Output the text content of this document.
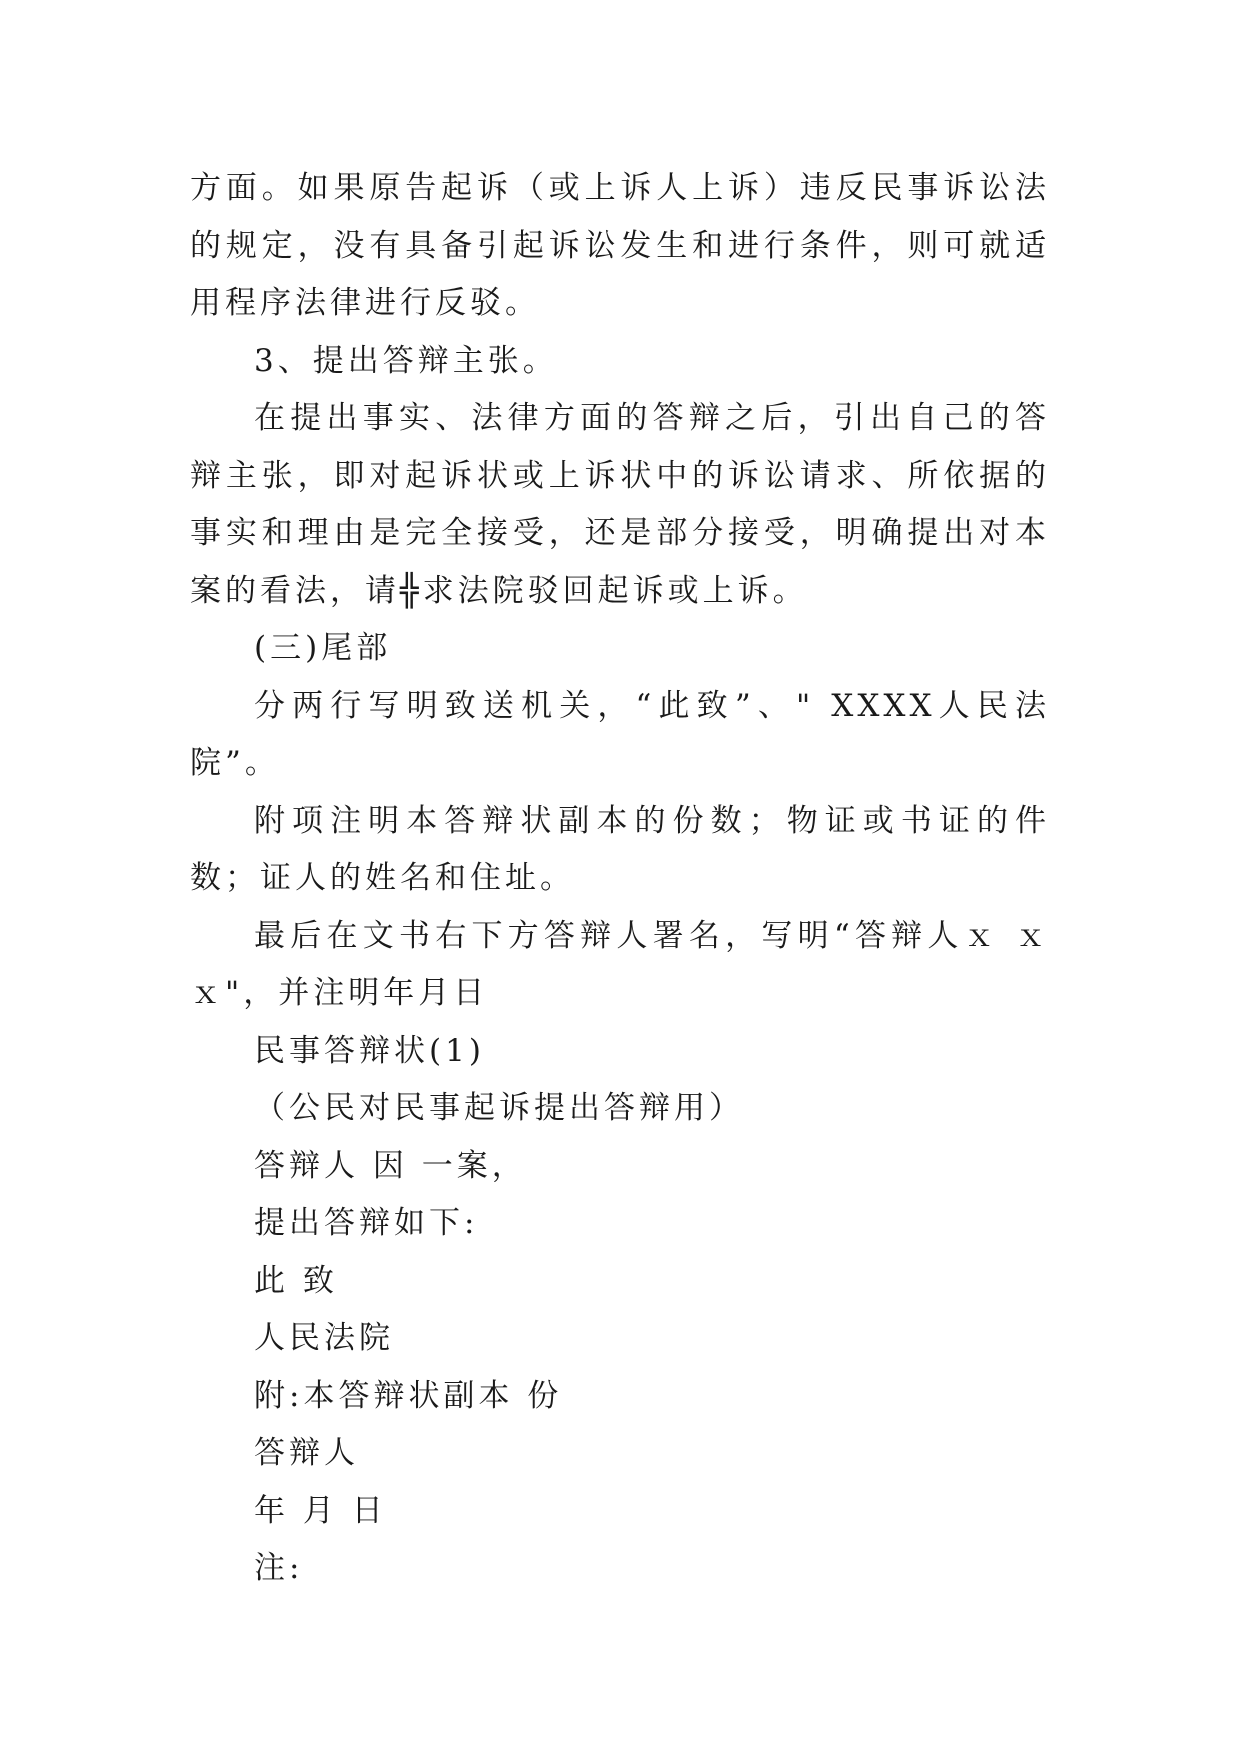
方面。如果原告起诉（或上诉人上诉）违反民事诉讼法的规定，没有具备引起诉讼发生和进行条件，则可就适用程序法律进行反驳。

3、提出答辩主张。

在提出事实、法律方面的答辩之后，引出自己的答辩主张，即对起诉状或上诉状中的诉讼请求、所依据的事实和理由是完全接受，还是部分接受，明确提出对本案的看法，请╬求法院驳回起诉或上诉。

(三)尾部

分两行写明致送机关，“此致”、" XXXX人民法院”。

附项注明本答辩状副本的份数；物证或书证的件数；证人的姓名和住址。

最后在文书右下方答辩人署名，写明“答辩人ｘ ｘ ｘ"，并注明年月日

民事答辩状(1)

（公民对民事起诉提出答辩用）

答辩人 因 一案，

提出答辩如下:

此 致

人民法院

附:本答辩状副本 份

答辩人

年 月 日

注:
